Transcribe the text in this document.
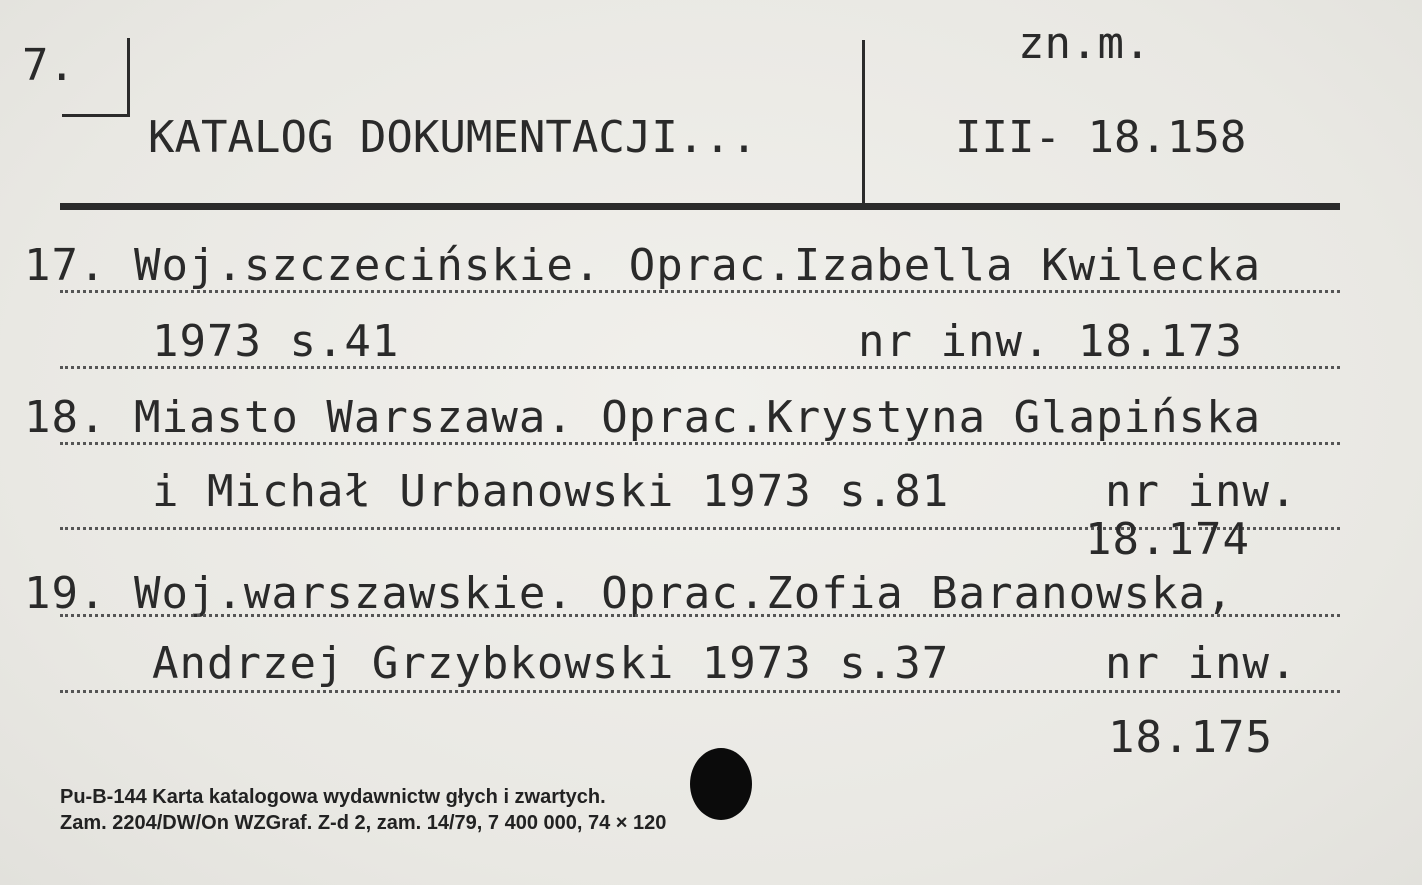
7.
KATALOG DOKUMENTACJI...
zn.m.
III- 18.158
17. Woj.szczecińskie. Oprac.Izabella Kwilecka
1973 s.41	nr inw. 18.173
18. Miasto Warszawa. Oprac.Krystyna Glapińska
i Michał Urbanowski 1973 s.81	nr inw.
18.174
19. Woj.warszawskie. Oprac.Zofia Baranowska,
Andrzej Grzybkowski 1973 s.37	nr inw.
18.175
Pu-B-144 Karta katalogowa wydawnictw głych i zwartych.
Zam. 2204/DW/On WZGraf. Z-d 2, zam. 14/79, 7 400 000, 74 × 120
